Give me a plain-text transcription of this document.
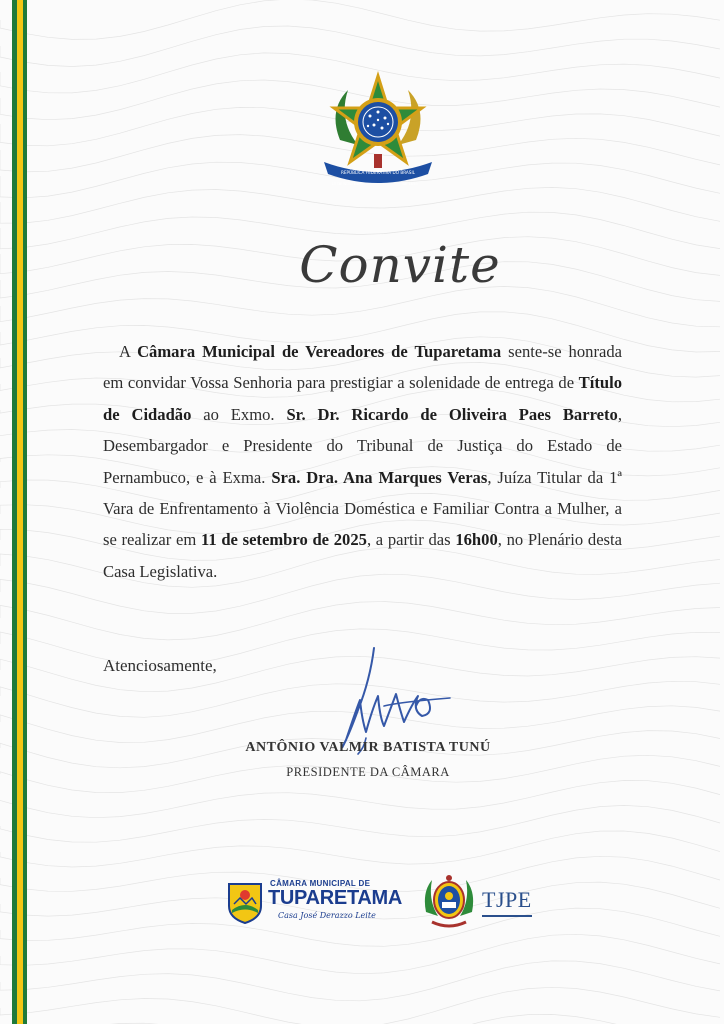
REPÚBLICA FEDERATIVA DO BRASIL
15 DE NOVEMBRO	DE 1889
Convite
A Câmara Municipal de Vereadores de Tuparetama sente-se honrada em convidar Vossa Senhoria para prestigiar a solenidade de entrega de Título de Cidadão ao Exmo. Sr. Dr. Ricardo de Oliveira Paes Barreto, Desembargador e Presidente do Tribunal de Justiça do Estado de Pernambuco, e à Exma. Sra. Dra. Ana Marques Veras, Juíza Titular da 1ª Vara de Enfrentamento à Violência Doméstica e Familiar Contra a Mulher, a se realizar em 11 de setembro de 2025, a partir das 16h00, no Plenário desta Casa Legislativa.
Atenciosamente,
ANTÔNIO VALMIR BATISTA TUNÚ
PRESIDENTE DA CÂMARA
CÂMARA MUNICIPAL DE
TUPARETAMA
Casa José Derazzo Leite
TJPE
